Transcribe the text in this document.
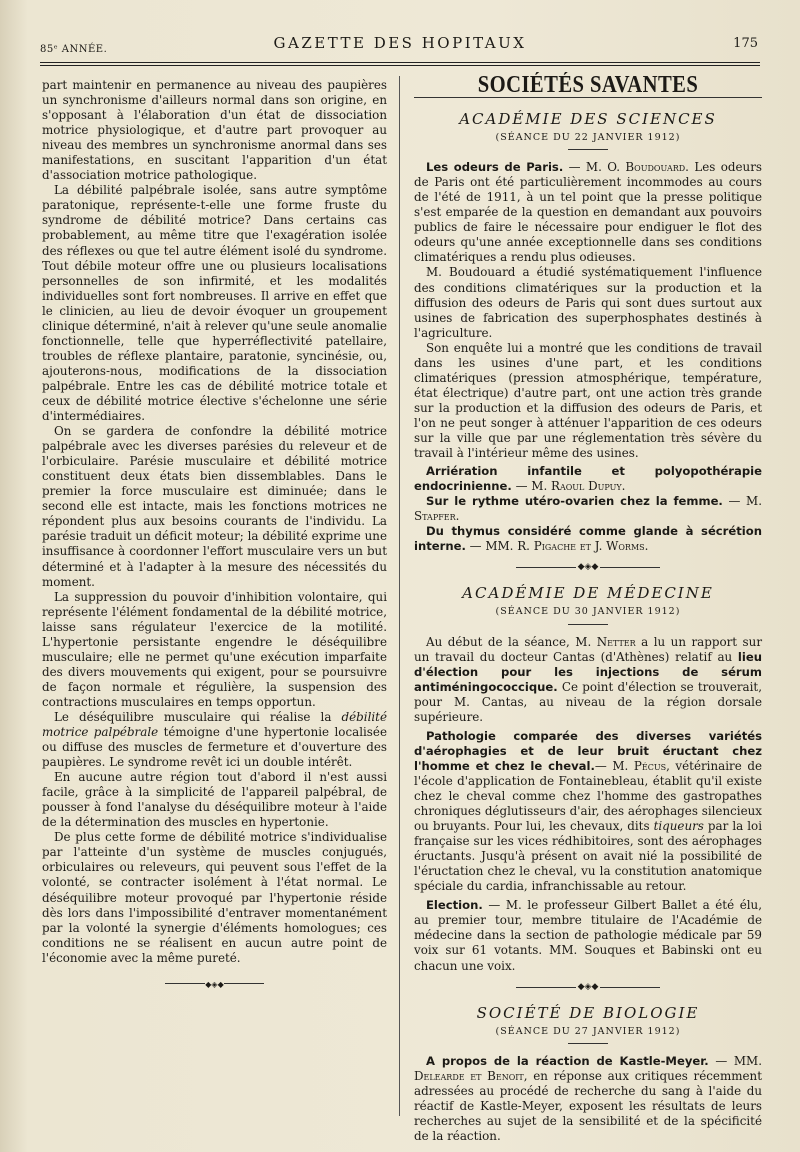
85ᵉ ANNÉE.	GAZETTE DES HOPITAUX	175

part maintenir en permanence au niveau des paupières un synchronisme d'ailleurs normal dans son origine, en s'opposant à l'élaboration d'un état de dissociation motrice physiologique, et d'autre part provoquer au niveau des membres un synchronisme anormal dans ses manifestations, en suscitant l'apparition d'un état d'association motrice pathologique.

La débilité palpébrale isolée, sans autre symptôme paratonique, représente-t-elle une forme fruste du syndrome de débilité motrice? Dans certains cas probablement, au même titre que l'exagération isolée des réflexes ou que tel autre élément isolé du syndrome. Tout débile moteur offre une ou plusieurs localisations personnelles de son infirmité, et les modalités individuelles sont fort nombreuses. Il arrive en effet que le clinicien, au lieu de devoir évoquer un groupement clinique déterminé, n'ait à relever qu'une seule anomalie fonctionnelle, telle que hyperréflectivité patellaire, troubles de réflexe plantaire, paratonie, syncinésie, ou, ajouterons-nous, modifications de la dissociation palpébrale. Entre les cas de débilité motrice totale et ceux de débilité motrice élective s'échelonne une série d'intermédiaires.

On se gardera de confondre la débilité motrice palpébrale avec les diverses parésies du releveur et de l'orbiculaire. Parésie musculaire et débilité motrice constituent deux états bien dissemblables. Dans le premier la force musculaire est diminuée; dans le second elle est intacte, mais les fonctions motrices ne répondent plus aux besoins courants de l'individu. La parésie traduit un déficit moteur; la débilité exprime une insuffisance à coordonner l'effort musculaire vers un but déterminé et à l'adapter à la mesure des nécessités du moment.

La suppression du pouvoir d'inhibition volontaire, qui représente l'élément fondamental de la débilité motrice, laisse sans régulateur l'exercice de la motilité. L'hypertonie persistante engendre le déséquilibre musculaire; elle ne permet qu'une exécution imparfaite des divers mouvements qui exigent, pour se poursuivre de façon normale et régulière, la suspension des contractions musculaires en temps opportun.

Le déséquilibre musculaire qui réalise la débilité motrice palpébrale témoigne d'une hypertonie localisée ou diffuse des muscles de fermeture et d'ouverture des paupières. Le syndrome revêt ici un double intérêt.

En aucune autre région tout d'abord il n'est aussi facile, grâce à la simplicité de l'appareil palpébral, de pousser à fond l'analyse du déséquilibre moteur à l'aide de la détermination des muscles en hypertonie.

De plus cette forme de débilité motrice s'individualise par l'atteinte d'un système de muscles conjugués, orbiculaires ou releveurs, qui peuvent sous l'effet de la volonté, se contracter isolément à l'état normal. Le déséquilibre moteur provoqué par l'hypertonie réside dès lors dans l'impossibilité d'entraver momentanément par la volonté la synergie d'éléments homologues; ces conditions ne se réalisent en aucun autre point de l'économie avec la même pureté.

◆◈◆
SOCIÉTÉS SAVANTES
ACADÉMIE DES SCIENCES
(SÉANCE DU 22 JANVIER 1912)

Les odeurs de Paris. — M. O. Boudouard. Les odeurs de Paris ont été particulièrement incommodes au cours de l'été de 1911, à un tel point que la presse politique s'est emparée de la question en demandant aux pouvoirs publics de faire le nécessaire pour endiguer le flot des odeurs qu'une année exceptionnelle dans ses conditions climatériques a rendu plus odieuses.

M. Boudouard a étudié systématiquement l'influence des conditions climatériques sur la production et la diffusion des odeurs de Paris qui sont dues surtout aux usines de fabrication des superphosphates destinés à l'agriculture.

Son enquête lui a montré que les conditions de travail dans les usines d'une part, et les conditions climatériques (pression atmosphérique, température, état électrique) d'autre part, ont une action très grande sur la production et la diffusion des odeurs de Paris, et l'on ne peut songer à atténuer l'apparition de ces odeurs sur la ville que par une réglementation très sévère du travail à l'intérieur même des usines.

Arriération infantile et polyopothérapie endocrinienne. — M. Raoul Dupuy.

Sur le rythme utéro-ovarien chez la femme. — M. Stapfer.

Du thymus considéré comme glande à sécrétion interne. — MM. R. Pigache et J. Worms.

◆◈◆
ACADÉMIE DE MÉDECINE
(SÉANCE DU 30 JANVIER 1912)

Au début de la séance, M. Netter a lu un rapport sur un travail du docteur Cantas (d'Athènes) relatif au lieu d'élection pour les injections de sérum antiméningococcique. Ce point d'élection se trouverait, pour M. Cantas, au niveau de la région dorsale supérieure.

Pathologie comparée des diverses variétés d'aérophagies et de leur bruit éructant chez l'homme et chez le cheval.— M. Pécus, vétérinaire de l'école d'application de Fontainebleau, établit qu'il existe chez le cheval comme chez l'homme des gastropathes chroniques déglutisseurs d'air, des aérophages silencieux ou bruyants. Pour lui, les chevaux, dits tiqueurs par la loi française sur les vices rédhibitoires, sont des aérophages éructants. Jusqu'à présent on avait nié la possibilité de l'éructation chez le cheval, vu la constitution anatomique spéciale du cardia, infranchissable au retour.

Election. — M. le professeur Gilbert Ballet a été élu, au premier tour, membre titulaire de l'Académie de médecine dans la section de pathologie médicale par 59 voix sur 61 votants. MM. Souques et Babinski ont eu chacun une voix.

◆◈◆
SOCIÉTÉ DE BIOLOGIE
(SÉANCE DU 27 JANVIER 1912)

A propos de la réaction de Kastle-Meyer. — MM. Delearde et Benoit, en réponse aux critiques récemment adressées au procédé de recherche du sang à l'aide du réactif de Kastle-Meyer, exposent les résultats de leurs recherches au sujet de la sensibilité et de la spécificité de la réaction.
